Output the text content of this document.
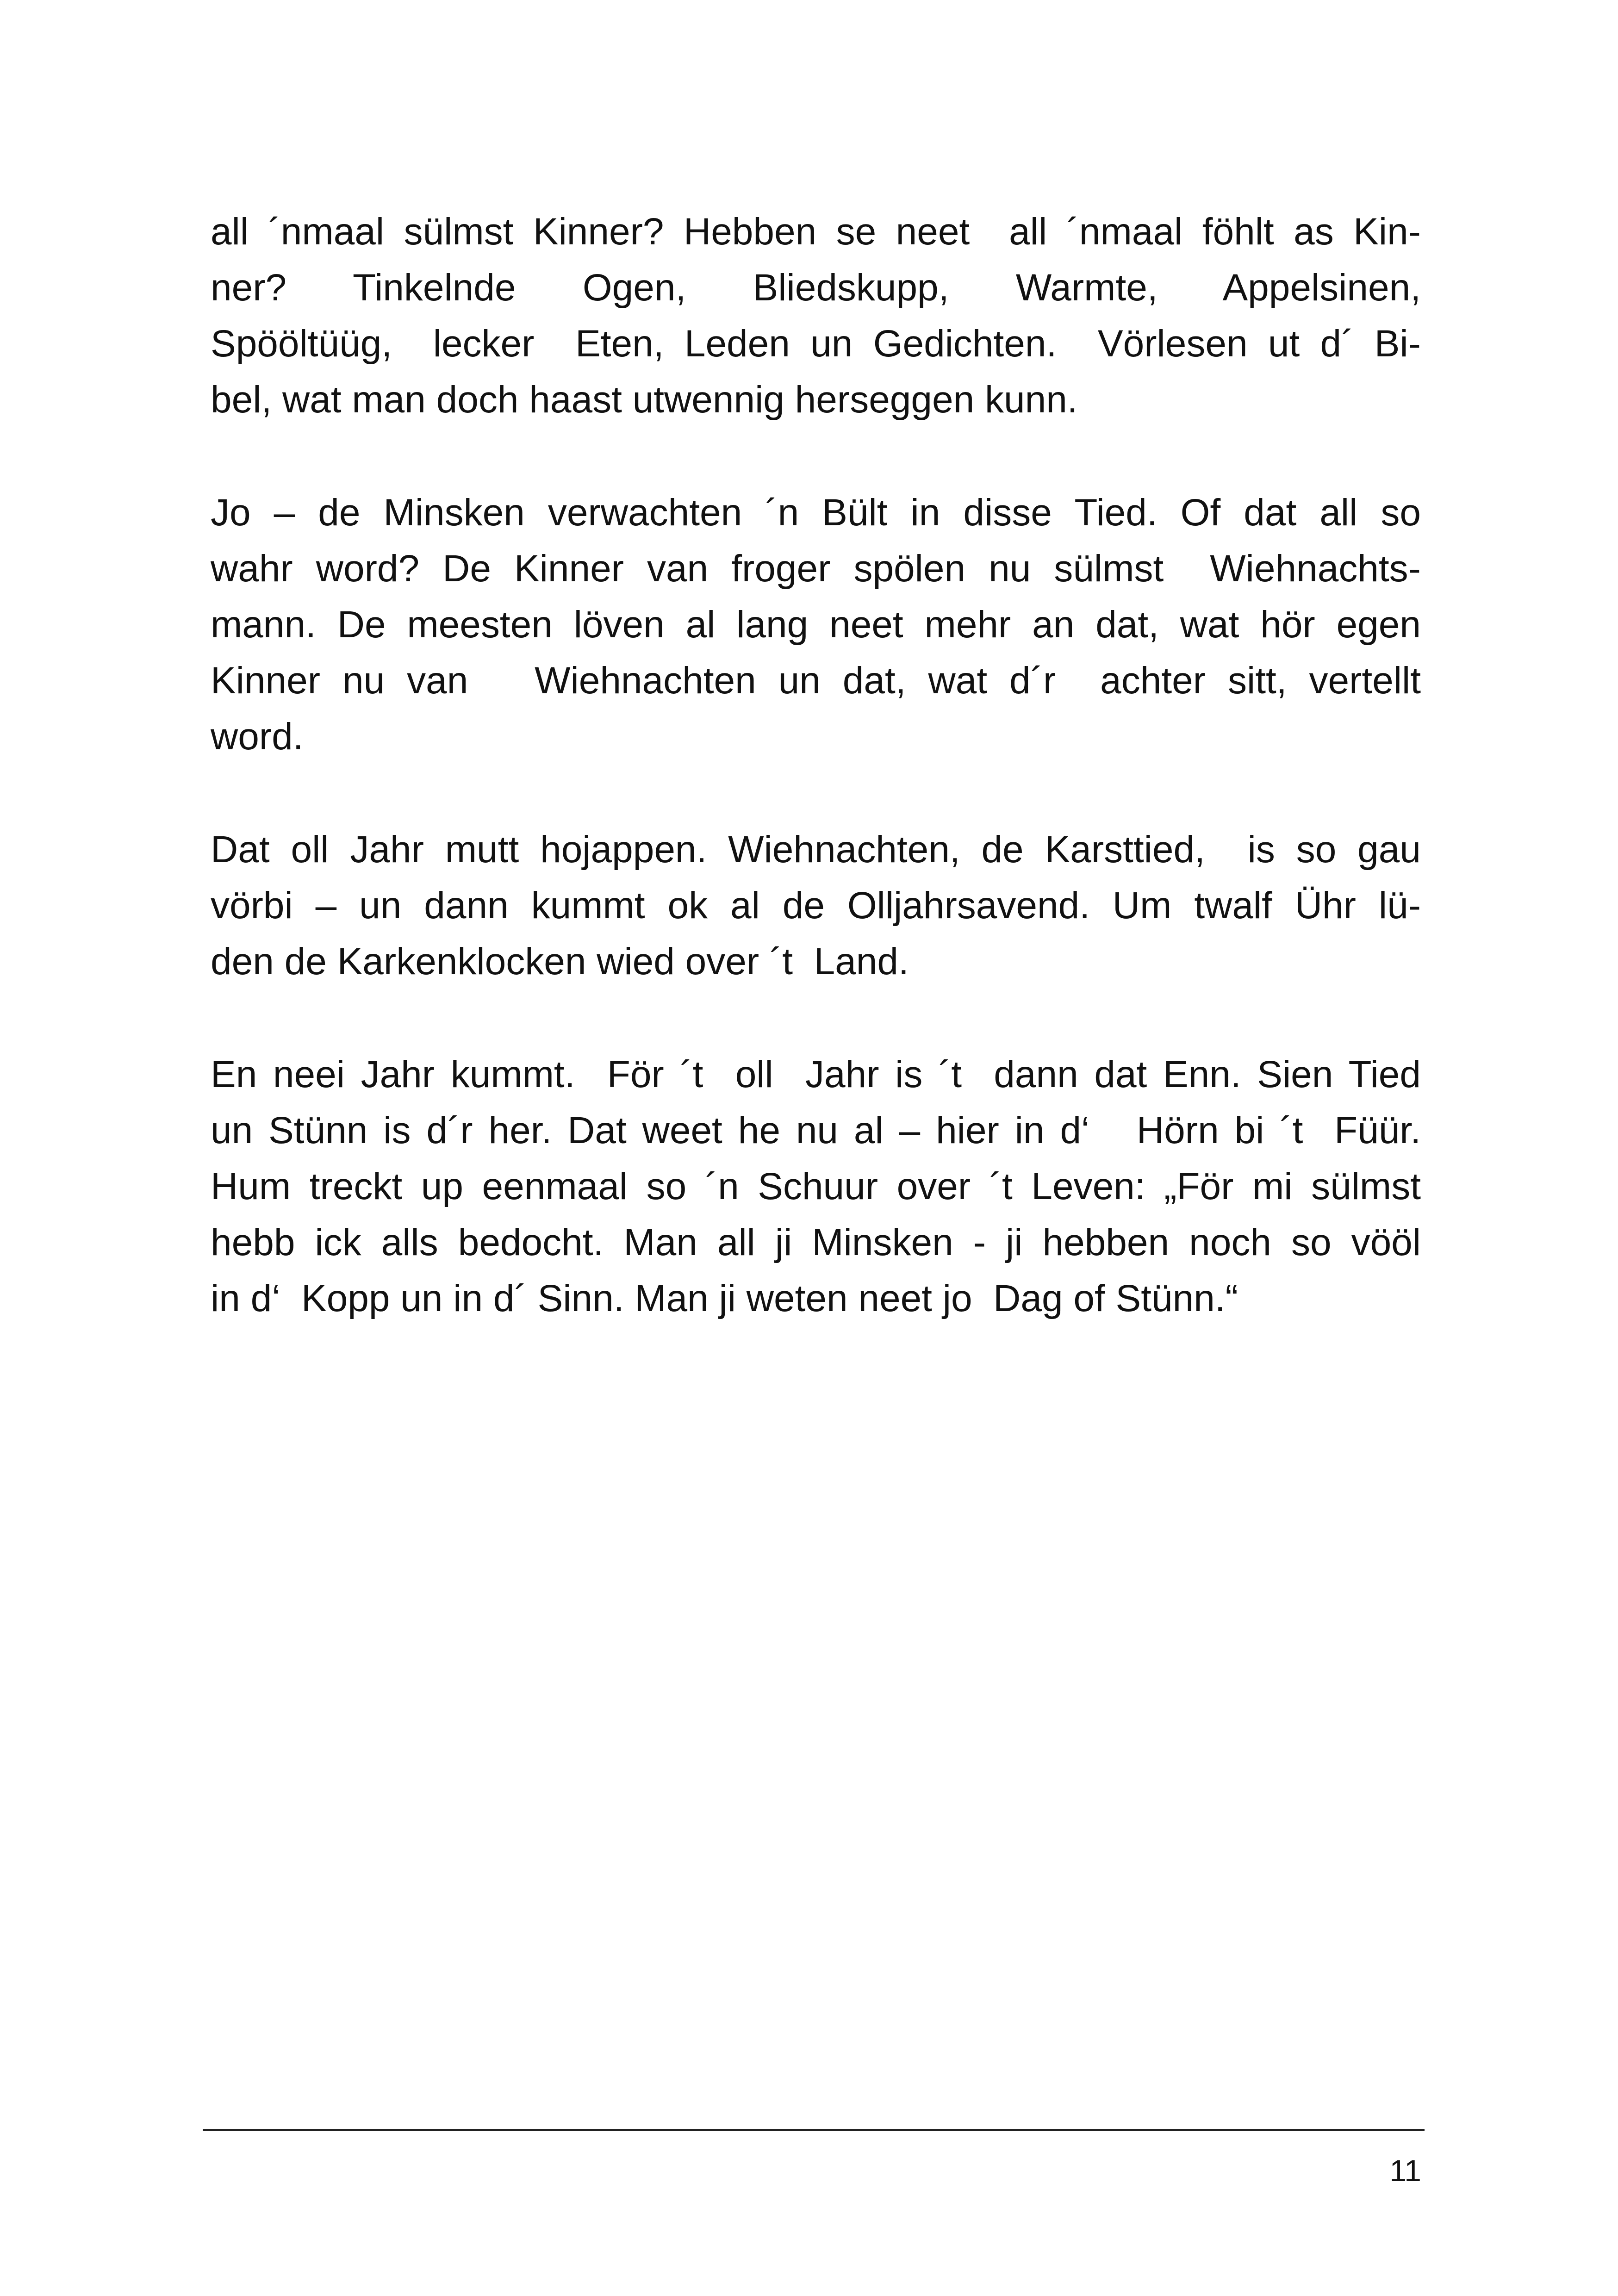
all ´nmaal sülmst Kinner? Hebben se neet  all ´nmaal föhlt as Kin-
ner?  Tinkelnde  Ogen,  Bliedskupp,  Warmte,  Appelsinen,
Spööltüüg,  lecker  Eten, Leden un Gedichten.  Vörlesen ut d´ Bi-
bel, wat man doch haast utwennig herseggen kunn.

Jo – de Minsken verwachten ´n Bült in disse Tied. Of dat all so
wahr word? De Kinner van froger spölen nu sülmst  Wiehnachts-
mann. De meesten löven al lang neet mehr an dat, wat hör egen
Kinner nu van   Wiehnachten un dat, wat d´r  achter sitt, vertellt
word.

Dat oll Jahr mutt hojappen. Wiehnachten, de Karsttied,  is so gau
vörbi – un dann kummt ok al de Olljahrsavend. Um twalf Ühr lü-
den de Karkenklocken wied over ´t  Land.

En neei Jahr kummt.  För ´t  oll  Jahr is ´t  dann dat Enn. Sien Tied
un Stünn is d´r her. Dat weet he nu al – hier in d‘   Hörn bi ´t  Füür.
Hum treckt up eenmaal so ´n Schuur over ´t Leven: „För mi sülmst
hebb ick alls bedocht. Man all ji Minsken - ji hebben noch so vööl
in d‘  Kopp un in d´ Sinn. Man ji weten neet jo  Dag of Stünn.“

11
